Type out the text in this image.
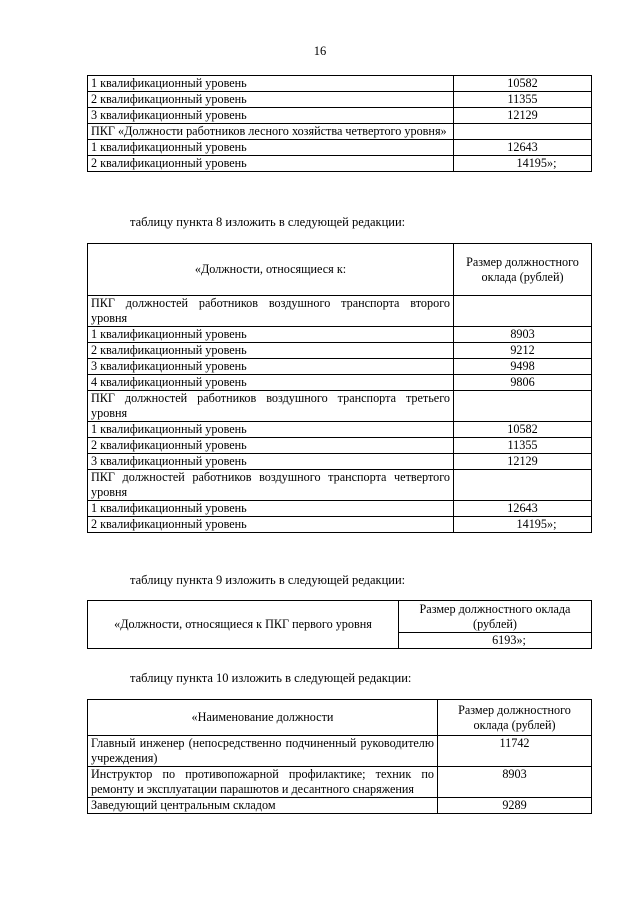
16
1 квалификационный уровень	10582
2 квалификационный уровень	11355
3 квалификационный уровень	12129
ПКГ «Должности работников лесного хозяйства четвертого уровня»	
1 квалификационный уровень	12643
2 квалификационный уровень	14195»;
таблицу пункта 8 изложить в следующей редакции:
«Должности, относящиеся к:	Размер должностного оклада (рублей)
ПКГ должностей работников воздушного транспорта второго уровня	
1 квалификационный уровень	8903
2 квалификационный уровень	9212
3 квалификационный уровень	9498
4 квалификационный уровень	9806
ПКГ должностей работников воздушного транспорта третьего уровня	
1 квалификационный уровень	10582
2 квалификационный уровень	11355
3 квалификационный уровень	12129
ПКГ должностей работников воздушного транспорта четвертого уровня	
1 квалификационный уровень	12643
2 квалификационный уровень	14195»;
таблицу пункта 9 изложить в следующей редакции:
«Должности, относящиеся к ПКГ первого уровня	Размер должностного оклада (рублей)
6193»;
таблицу пункта 10 изложить в следующей редакции:
«Наименование должности	Размер должностного оклада (рублей)
Главный инженер (непосредственно подчиненный руководителю учреждения)	11742
Инструктор по противопожарной профилактике; техник по ремонту и эксплуатации парашютов и десантного снаряжения	8903
Заведующий центральным складом	9289
